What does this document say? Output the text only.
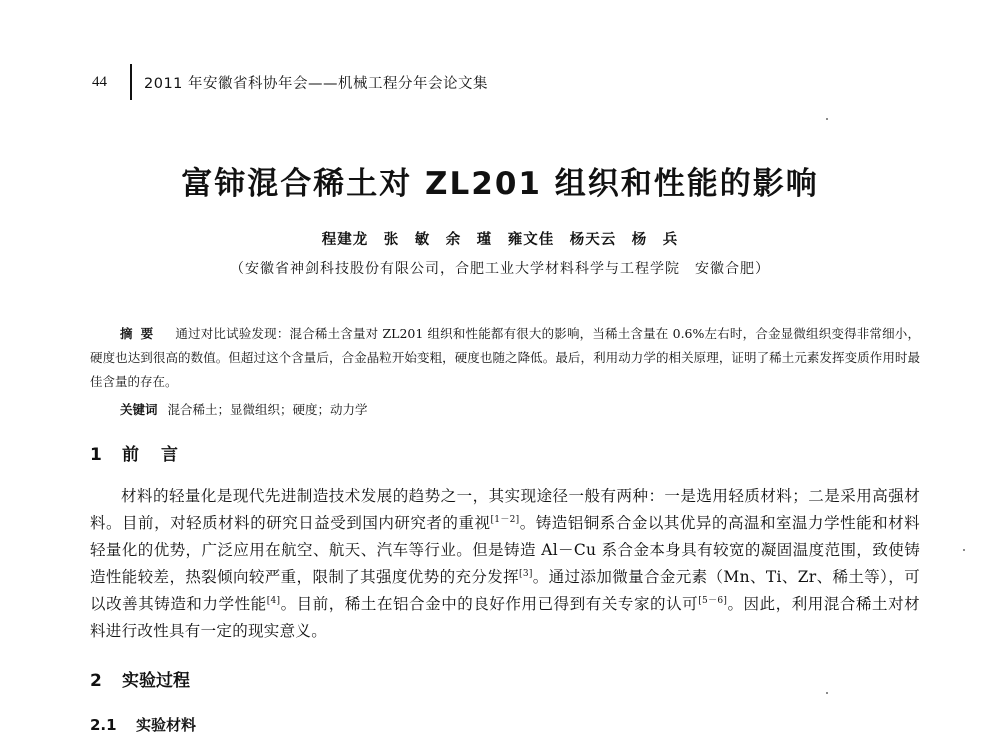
44	2011 年安徽省科协年会——机械工程分年会论文集
富铈混合稀土对 ZL201 组织和性能的影响
程建龙　张　敏　余　瑾　雍文佳　杨天云　杨　兵
（安徽省神剑科技股份有限公司，合肥工业大学材料科学与工程学院　安徽合肥）
摘要 通过对比试验发现：混合稀土含量对 ZL201 组织和性能都有很大的影响，当稀土含量在 0.6%左右时，合金显微组织变得非常细小，硬度也达到很高的数值。但超过这个含量后，合金晶粒开始变粗，硬度也随之降低。最后，利用动力学的相关原理，证明了稀土元素发挥变质作用时最佳含量的存在。
关键词 混合稀土；显微组织；硬度；动力学
1 前言
材料的轻量化是现代先进制造技术发展的趋势之一，其实现途径一般有两种：一是选用轻质材料；二是采用高强材料。目前，对轻质材料的研究日益受到国内研究者的重视[1－2]。铸造铝铜系合金以其优异的高温和室温力学性能和材料轻量化的优势，广泛应用在航空、航天、汽车等行业。但是铸造 Al－Cu 系合金本身具有较宽的凝固温度范围，致使铸造性能较差，热裂倾向较严重，限制了其强度优势的充分发挥[3]。通过添加微量合金元素（Mn、Ti、Zr、稀土等），可以改善其铸造和力学性能[4]。目前，稀土在铝合金中的良好作用已得到有关专家的认可[5－6]。因此，利用混合稀土对材料进行改性具有一定的现实意义。
2 实验过程
2.1 实验材料
